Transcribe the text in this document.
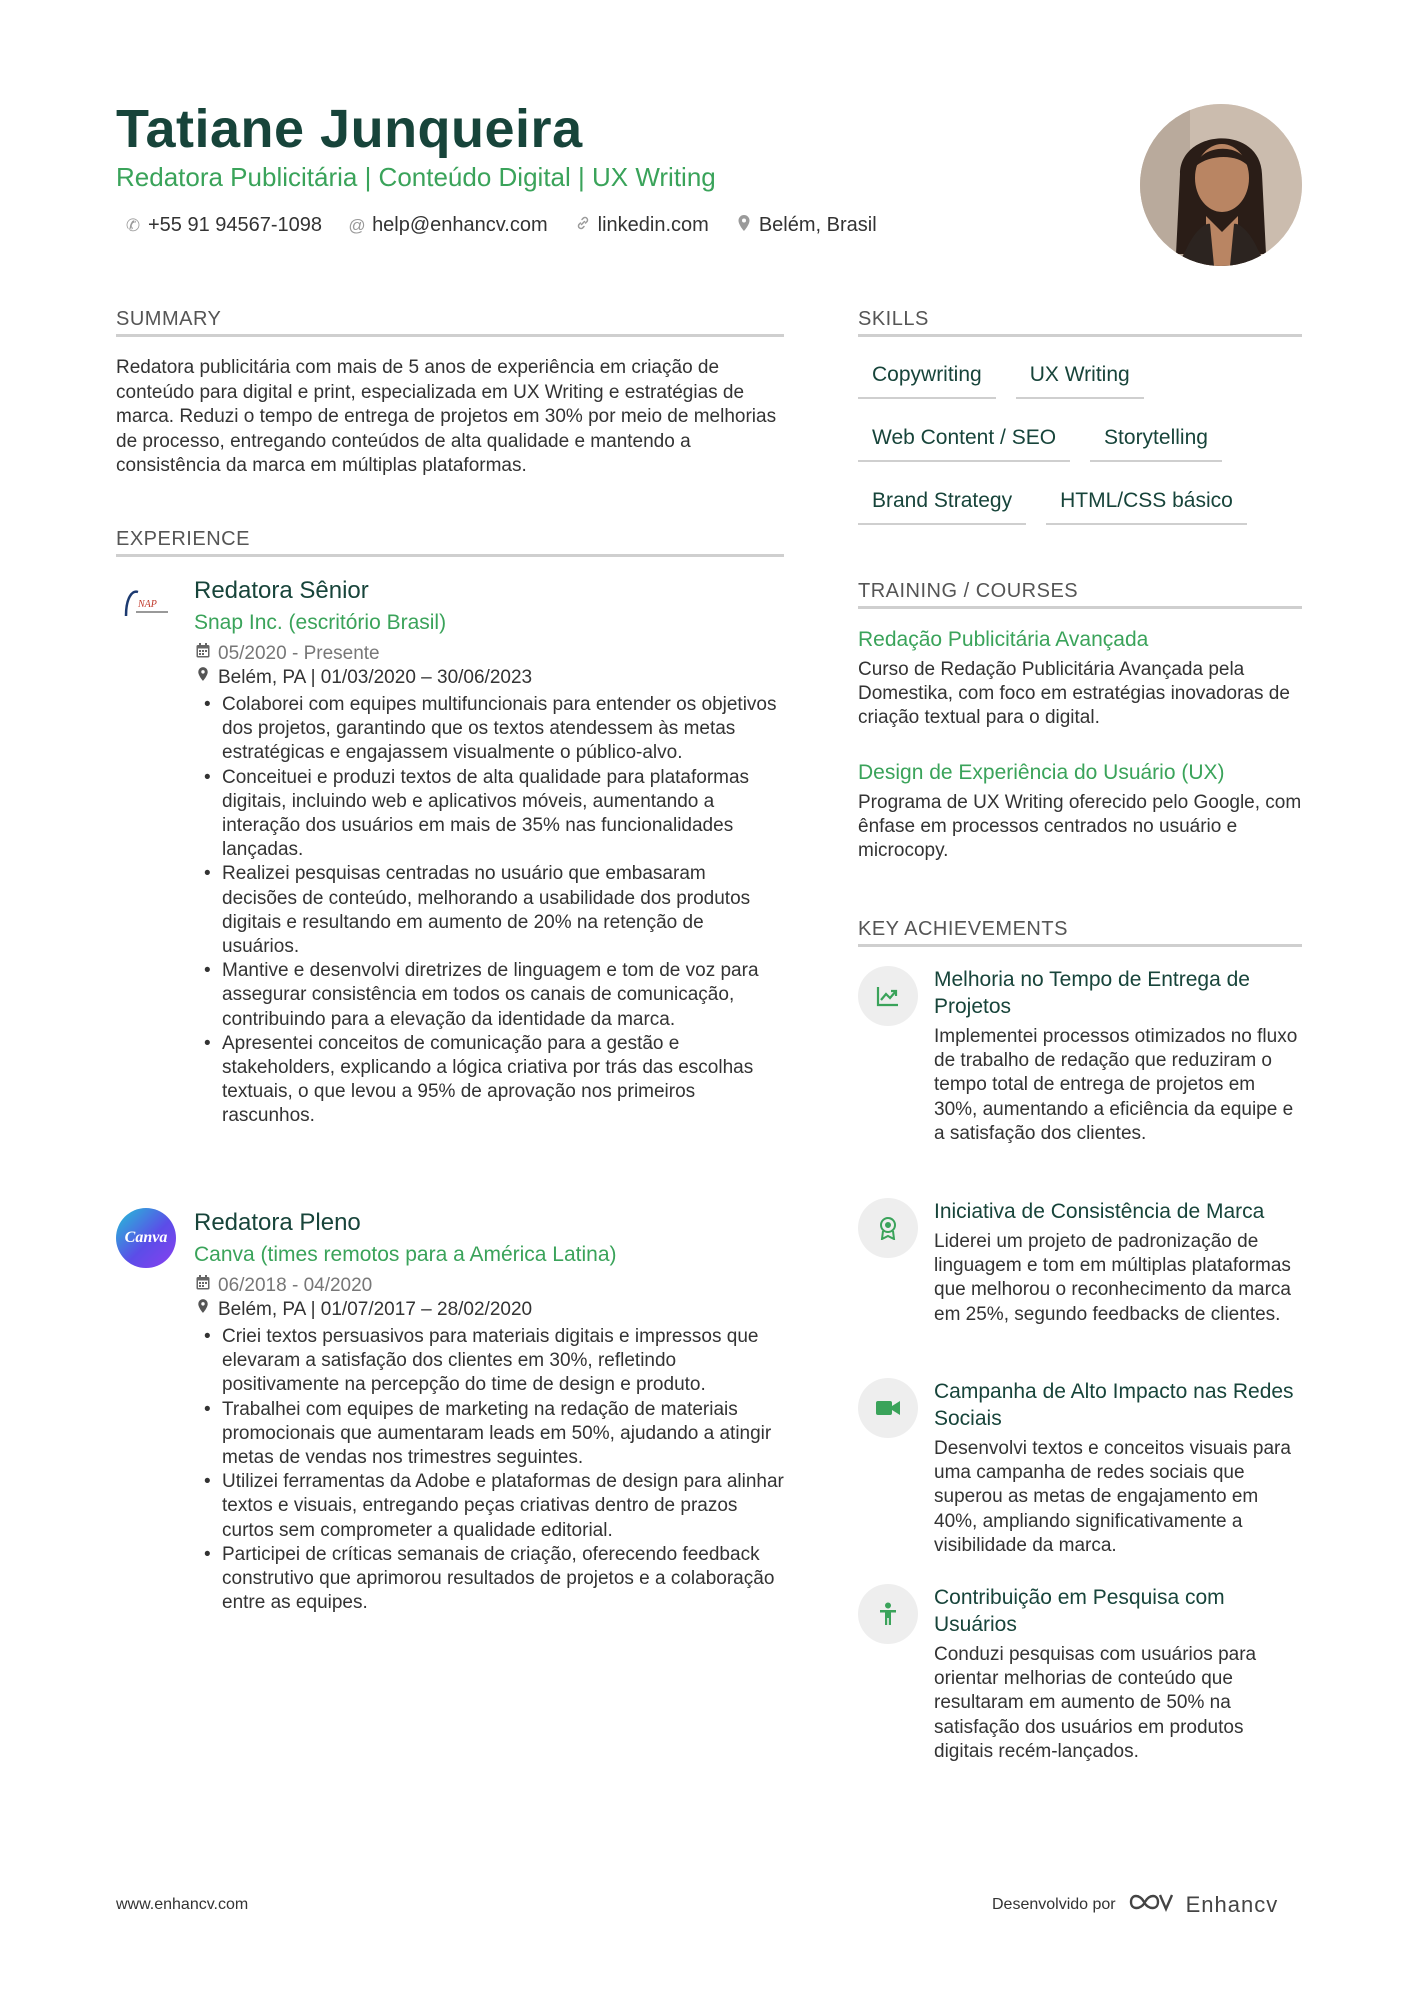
Tatiane Junqueira
Redatora Publicitária | Conteúdo Digital | UX Writing
✆ +55 91 94567-1098 @ help@enhancv.com	linkedin.com	Belém, Brasil
SUMMARY
Redatora publicitária com mais de 5 anos de experiência em criação de conteúdo para digital e print, especializada em UX Writing e estratégias de marca. Reduzi o tempo de entrega de projetos em 30% por meio de melhorias de processo, entregando conteúdos de alta qualidade e mantendo a consistência da marca em múltiplas plataformas.
EXPERIENCE
NAP
Redatora Sênior
Snap Inc. (escritório Brasil)
05/2020 - Presente
Belém, PA | 01/03/2020 – 30/06/2023
• Colaborei com equipes multifuncionais para entender os objetivos dos projetos, garantindo que os textos atendessem às metas estratégicas e engajassem visualmente o público-alvo.
• Conceituei e produzi textos de alta qualidade para plataformas digitais, incluindo web e aplicativos móveis, aumentando a interação dos usuários em mais de 35% nas funcionalidades lançadas.
• Realizei pesquisas centradas no usuário que embasaram decisões de conteúdo, melhorando a usabilidade dos produtos digitais e resultando em aumento de 20% na retenção de usuários.
• Mantive e desenvolvi diretrizes de linguagem e tom de voz para assegurar consistência em todos os canais de comunicação, contribuindo para a elevação da identidade da marca.
• Apresentei conceitos de comunicação para a gestão e stakeholders, explicando a lógica criativa por trás das escolhas textuais, o que levou a 95% de aprovação nos primeiros rascunhos.
Canva
Redatora Pleno
Canva (times remotos para a América Latina)
06/2018 - 04/2020
Belém, PA | 01/07/2017 – 28/02/2020
• Criei textos persuasivos para materiais digitais e impressos que elevaram a satisfação dos clientes em 30%, refletindo positivamente na percepção do time de design e produto.
• Trabalhei com equipes de marketing na redação de materiais promocionais que aumentaram leads em 50%, ajudando a atingir metas de vendas nos trimestres seguintes.
• Utilizei ferramentas da Adobe e plataformas de design para alinhar textos e visuais, entregando peças criativas dentro de prazos curtos sem comprometer a qualidade editorial.
• Participei de críticas semanais de criação, oferecendo feedback construtivo que aprimorou resultados de projetos e a colaboração entre as equipes.
SKILLS
Copywriting	UX Writing
Web Content / SEO	Storytelling
Brand Strategy	HTML/CSS básico
TRAINING / COURSES
Redação Publicitária Avançada
Curso de Redação Publicitária Avançada pela Domestika, com foco em estratégias inovadoras de criação textual para o digital.
Design de Experiência do Usuário (UX)
Programa de UX Writing oferecido pelo Google, com ênfase em processos centrados no usuário e microcopy.
KEY ACHIEVEMENTS
Melhoria no Tempo de Entrega de Projetos
Implementei processos otimizados no fluxo de trabalho de redação que reduziram o tempo total de entrega de projetos em 30%, aumentando a eficiência da equipe e a satisfação dos clientes.
Iniciativa de Consistência de Marca
Liderei um projeto de padronização de linguagem e tom em múltiplas plataformas que melhorou o reconhecimento da marca em 25%, segundo feedbacks de clientes.
Campanha de Alto Impacto nas Redes Sociais
Desenvolvi textos e conceitos visuais para uma campanha de redes sociais que superou as metas de engajamento em 40%, ampliando significativamente a visibilidade da marca.
Contribuição em Pesquisa com Usuários
Conduzi pesquisas com usuários para orientar melhorias de conteúdo que resultaram em aumento de 50% na satisfação dos usuários em produtos digitais recém-lançados.
www.enhancv.com	Desenvolvido por	Enhancv
